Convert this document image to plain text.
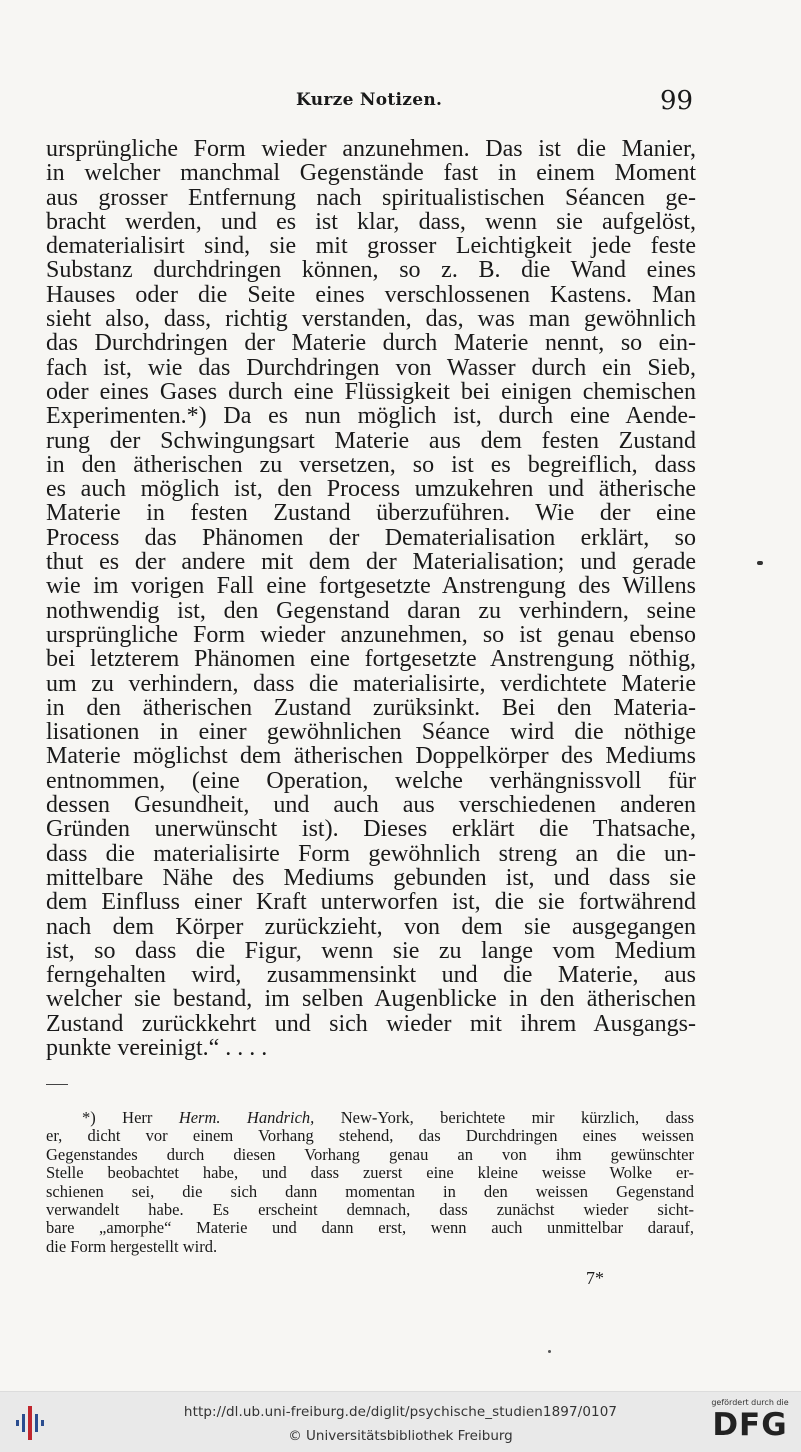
Kurze Notizen.	99
ursprüngliche Form wieder anzunehmen. Das ist die Manier,
in welcher manchmal Gegenstände fast in einem Moment
aus grosser Entfernung nach spiritualistischen Séancen ge-
bracht werden, und es ist klar, dass, wenn sie aufgelöst,
dematerialisirt sind, sie mit grosser Leichtigkeit jede feste
Substanz durchdringen können, so z. B. die Wand eines
Hauses oder die Seite eines verschlossenen Kastens. Man
sieht also, dass, richtig verstanden, das, was man gewöhnlich
das Durchdringen der Materie durch Materie nennt, so ein-
fach ist, wie das Durchdringen von Wasser durch ein Sieb,
oder eines Gases durch eine Flüssigkeit bei einigen chemischen
Experimenten.*) Da es nun möglich ist, durch eine Aende-
rung der Schwingungsart Materie aus dem festen Zustand
in den ätherischen zu versetzen, so ist es begreiflich, dass
es auch möglich ist, den Process umzukehren und ätherische
Materie in festen Zustand überzuführen. Wie der eine
Process das Phänomen der Dematerialisation erklärt, so
thut es der andere mit dem der Materialisation; und gerade
wie im vorigen Fall eine fortgesetzte Anstrengung des Willens
nothwendig ist, den Gegenstand daran zu verhindern, seine
ursprüngliche Form wieder anzunehmen, so ist genau ebenso
bei letzterem Phänomen eine fortgesetzte Anstrengung nöthig,
um zu verhindern, dass die materialisirte, verdichtete Materie
in den ätherischen Zustand zurüksinkt. Bei den Materia-
lisationen in einer gewöhnlichen Séance wird die nöthige
Materie möglichst dem ätherischen Doppelkörper des Mediums
entnommen, (eine Operation, welche verhängnissvoll für
dessen Gesundheit, und auch aus verschiedenen anderen
Gründen unerwünscht ist). Dieses erklärt die Thatsache,
dass die materialisirte Form gewöhnlich streng an die un-
mittelbare Nähe des Mediums gebunden ist, und dass sie
dem Einfluss einer Kraft unterworfen ist, die sie fortwährend
nach dem Körper zurückzieht, von dem sie ausgegangen
ist, so dass die Figur, wenn sie zu lange vom Medium
ferngehalten wird, zusammensinkt und die Materie, aus
welcher sie bestand, im selben Augenblicke in den ätherischen
Zustand zurückkehrt und sich wieder mit ihrem Ausgangs-
punkte vereinigt.“ . . . .
*) Herr Herm. Handrich, New-York, berichtete mir kürzlich, dass
er, dicht vor einem Vorhang stehend, das Durchdringen eines weissen
Gegenstandes durch diesen Vorhang genau an von ihm gewünschter
Stelle beobachtet habe, und dass zuerst eine kleine weisse Wolke er-
schienen sei, die sich dann momentan in den weissen Gegenstand
verwandelt habe. Es erscheint demnach, dass zunächst wieder sicht-
bare „amorphe“ Materie und dann erst, wenn auch unmittelbar darauf,
die Form hergestellt wird.
7*
http://dl.ub.uni-freiburg.de/diglit/psychische_studien1897/0107
© Universitätsbibliothek Freiburg
gefördert durch die
DFG
